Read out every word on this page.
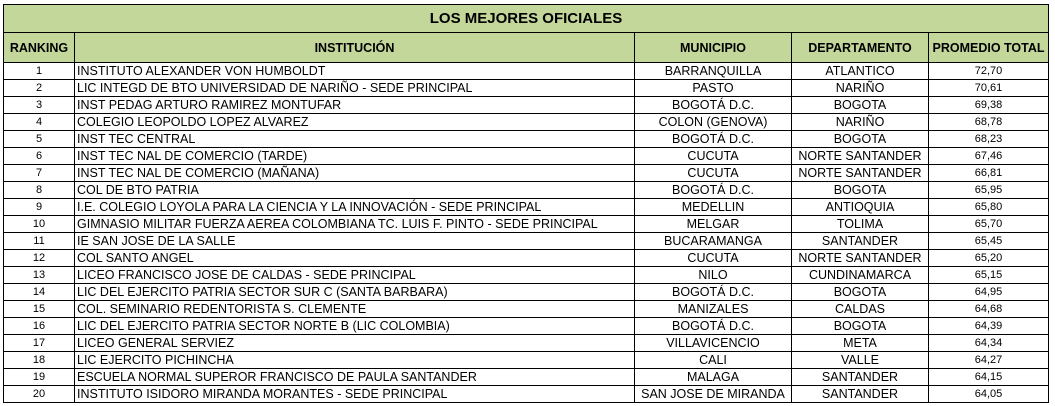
LOS MEJORES OFICIALES				
RANKING	INSTITUCIÓN	MUNICIPIO	DEPARTAMENTO	PROMEDIO TOTAL
1	INSTITUTO ALEXANDER VON HUMBOLDT	BARRANQUILLA	ATLANTICO	72,70
2	LIC INTEGD DE BTO UNIVERSIDAD DE NARIÑO - SEDE PRINCIPAL	PASTO	NARIÑO	70,61
3	INST PEDAG ARTURO RAMIREZ MONTUFAR	BOGOTÁ D.C.	BOGOTA	69,38
4	COLEGIO LEOPOLDO LOPEZ ALVAREZ	COLON (GENOVA)	NARIÑO	68,78
5	INST TEC CENTRAL	BOGOTÁ D.C.	BOGOTA	68,23
6	INST TEC NAL DE COMERCIO (TARDE)	CUCUTA	NORTE SANTANDER	67,46
7	INST TEC NAL DE COMERCIO (MAÑANA)	CUCUTA	NORTE SANTANDER	66,81
8	COL DE BTO PATRIA	BOGOTÁ D.C.	BOGOTA	65,95
9	I.E. COLEGIO LOYOLA PARA LA CIENCIA Y LA INNOVACIÓN - SEDE PRINCIPAL	MEDELLIN	ANTIOQUIA	65,80
10	GIMNASIO MILITAR FUERZA AEREA COLOMBIANA TC. LUIS F. PINTO - SEDE PRINCIPAL	MELGAR	TOLIMA	65,70
11	IE SAN JOSE DE LA SALLE	BUCARAMANGA	SANTANDER	65,45
12	COL SANTO ANGEL	CUCUTA	NORTE SANTANDER	65,20
13	LICEO FRANCISCO JOSE DE CALDAS - SEDE PRINCIPAL	NILO	CUNDINAMARCA	65,15
14	LIC DEL EJERCITO PATRIA SECTOR SUR C (SANTA BARBARA)	BOGOTÁ D.C.	BOGOTA	64,95
15	COL. SEMINARIO REDENTORISTA S. CLEMENTE	MANIZALES	CALDAS	64,68
16	LIC DEL EJERCITO PATRIA SECTOR NORTE B (LIC COLOMBIA)	BOGOTÁ D.C.	BOGOTA	64,39
17	LICEO GENERAL SERVIEZ	VILLAVICENCIO	META	64,34
18	LIC EJERCITO PICHINCHA	CALI	VALLE	64,27
19	ESCUELA NORMAL SUPEROR FRANCISCO DE PAULA SANTANDER	MALAGA	SANTANDER	64,15
20	INSTITUTO ISIDORO MIRANDA MORANTES - SEDE PRINCIPAL	SAN JOSE DE MIRANDA	SANTANDER	64,05
